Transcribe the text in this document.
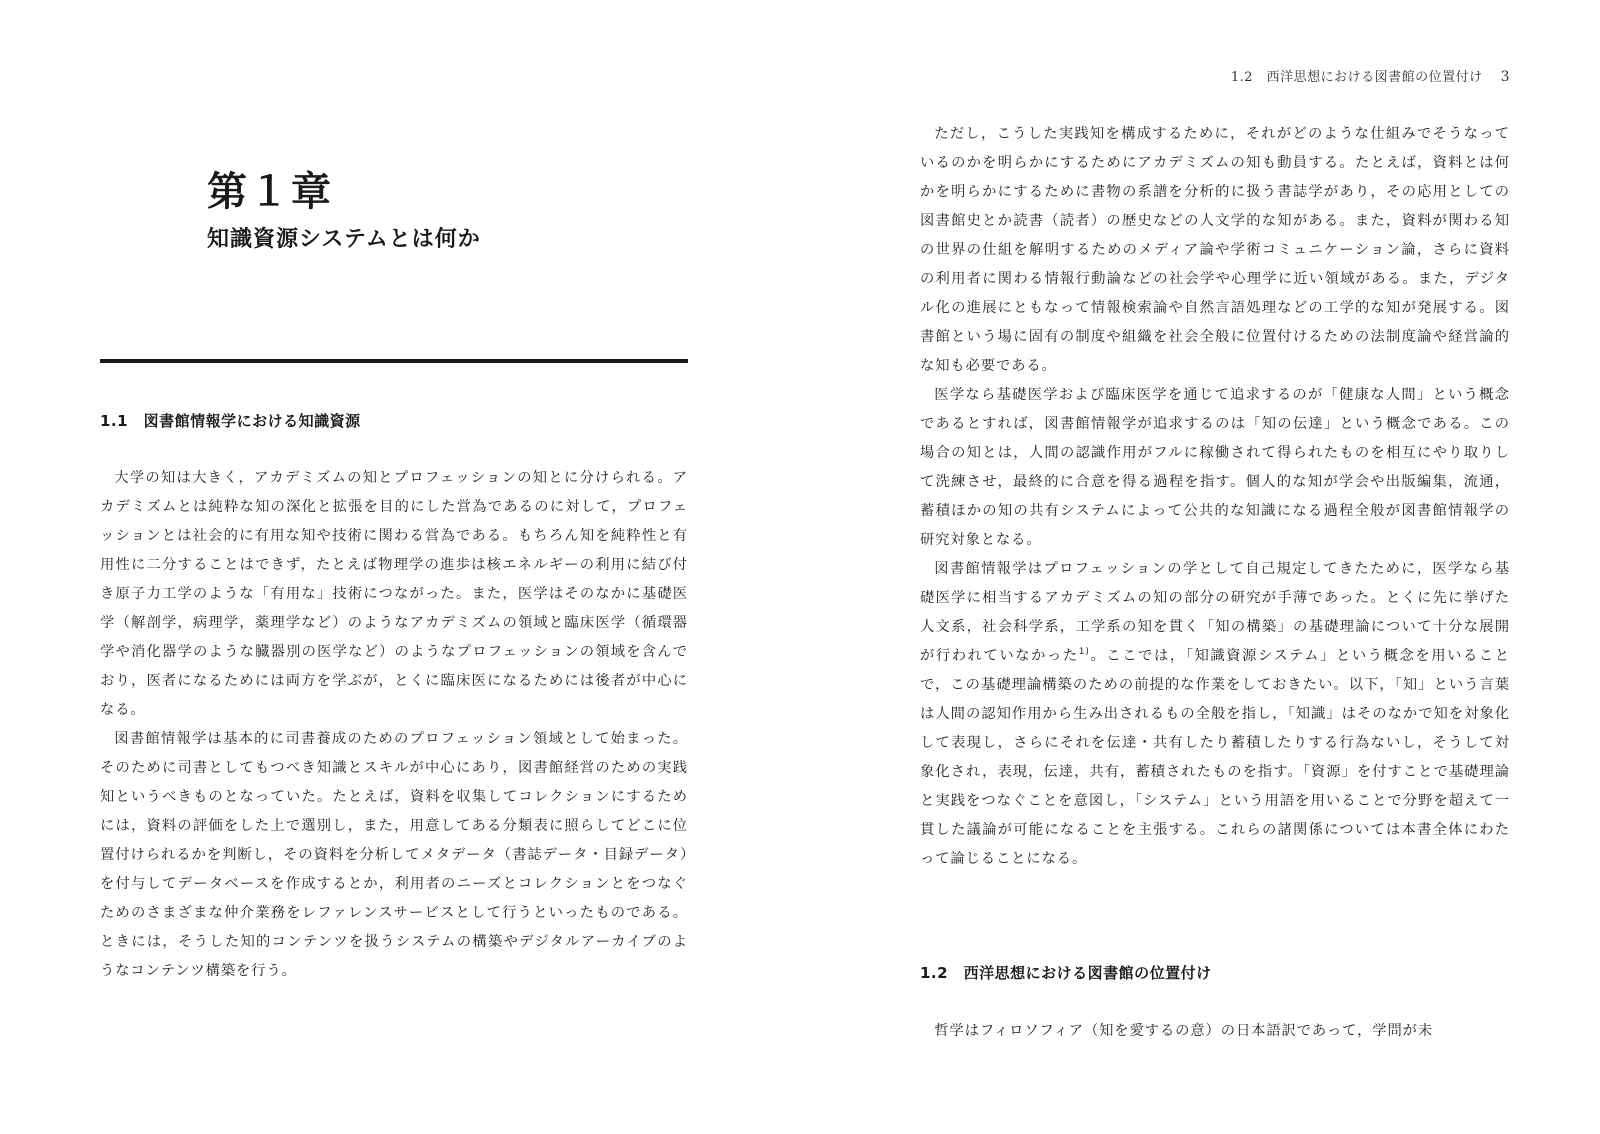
第１章
知識資源システムとは何か
1.1　図書館情報学における知識資源

大学の知は大きく，アカデミズムの知とプロフェッションの知とに分けられる。アカデミズムとは純粋な知の深化と拡張を目的にした営為であるのに対して，プロフェッションとは社会的に有用な知や技術に関わる営為である。もちろん知を純粋性と有用性に二分することはできず，たとえば物理学の進歩は核エネルギーの利用に結び付き原子力工学のような「有用な」技術につながった。また，医学はそのなかに基礎医学（解剖学，病理学，薬理学など）のようなアカデミズムの領域と臨床医学（循環器学や消化器学のような臓器別の医学など）のようなプロフェッションの領域を含んでおり，医者になるためには両方を学ぶが，とくに臨床医になるためには後者が中心になる。

図書館情報学は基本的に司書養成のためのプロフェッション領域として始まった。そのために司書としてもつべき知識とスキルが中心にあり，図書館経営のための実践知というべきものとなっていた。たとえば，資料を収集してコレクションにするためには，資料の評価をした上で選別し，また，用意してある分類表に照らしてどこに位置付けられるかを判断し，その資料を分析してメタデータ（書誌データ・目録データ）を付与してデータベースを作成するとか，利用者のニーズとコレクションとをつなぐためのさまざまな仲介業務をレファレンスサービスとして行うといったものである。ときには，そうした知的コンテンツを扱うシステムの構築やデジタルアーカイブのようなコンテンツ構築を行う。

1.2　西洋思想における図書館の位置付け 3

ただし，こうした実践知を構成するために，それがどのような仕組みでそうなっているのかを明らかにするためにアカデミズムの知も動員する。たとえば，資料とは何かを明らかにするために書物の系譜を分析的に扱う書誌学があり，その応用としての図書館史とか読書（読者）の歴史などの人文学的な知がある。また，資料が関わる知の世界の仕組を解明するためのメディア論や学術コミュニケーション論，さらに資料の利用者に関わる情報行動論などの社会学や心理学に近い領域がある。また，デジタル化の進展にともなって情報検索論や自然言語処理などの工学的な知が発展する。図書館という場に固有の制度や組織を社会全般に位置付けるための法制度論や経営論的な知も必要である。

医学なら基礎医学および臨床医学を通じて追求するのが「健康な人間」という概念であるとすれば，図書館情報学が追求するのは「知の伝達」という概念である。この場合の知とは，人間の認識作用がフルに稼働されて得られたものを相互にやり取りして洗練させ，最終的に合意を得る過程を指す。個人的な知が学会や出版編集，流通，蓄積ほかの知の共有システムによって公共的な知識になる過程全般が図書館情報学の研究対象となる。

図書館情報学はプロフェッションの学として自己規定してきたために，医学なら基礎医学に相当するアカデミズムの知の部分の研究が手薄であった。とくに先に挙げた人文系，社会科学系，工学系の知を貫く「知の構築」の基礎理論について十分な展開が行われていなかった$^{1)}$。ここでは，「知識資源システム」という概念を用いることで，この基礎理論構築のための前提的な作業をしておきたい。以下，「知」という言葉は人間の認知作用から生み出されるもの全般を指し，「知識」はそのなかで知を対象化して表現し，さらにそれを伝達・共有したり蓄積したりする行為ないし，そうして対象化され，表現，伝達，共有，蓄積されたものを指す。「資源」を付すことで基礎理論と実践をつなぐことを意図し，「システム」という用語を用いることで分野を超えて一貫した議論が可能になることを主張する。これらの諸関係については本書全体にわたって論じることになる。

1.2　西洋思想における図書館の位置付け

哲学はフィロソフィア（知を愛するの意）の日本語訳であって，学問が未
